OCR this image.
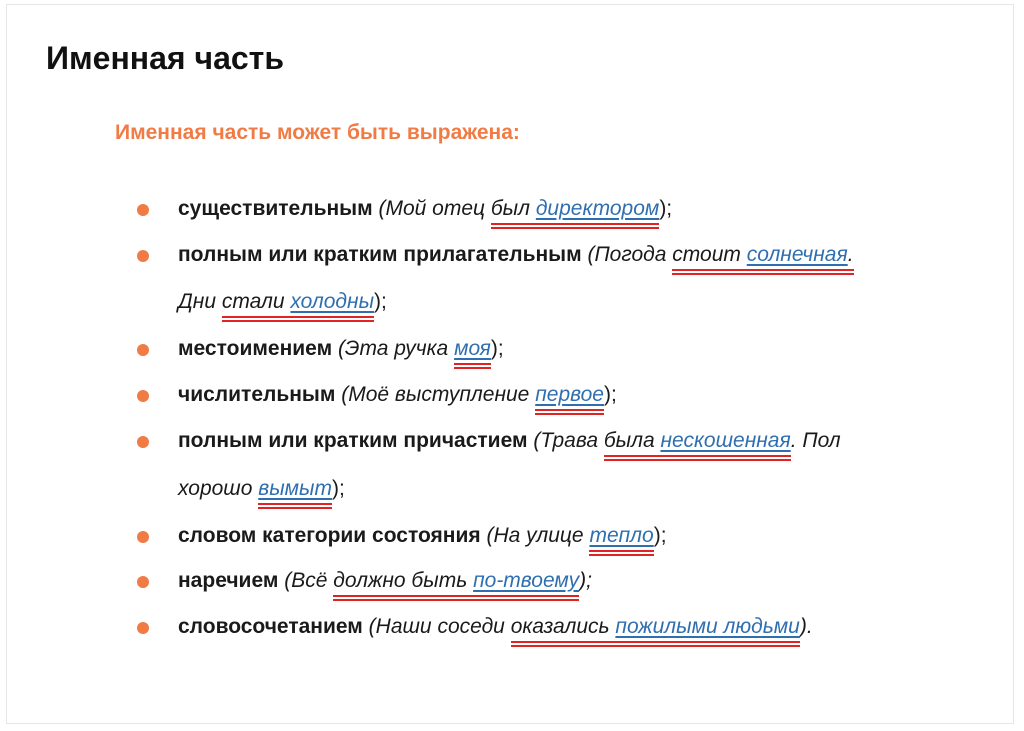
Именная часть
Именная часть может быть выражена:
существительным (Мой отец был директором);
полным или кратким прилагательным (Погода стоит солнечная.
Дни стали холодны);
местоимением (Эта ручка моя);
числительным (Моё выступление первое);
полным или кратким причастием (Трава была нескошенная. Пол
хорошо вымыт);
словом категории состояния (На улице тепло);
наречием (Всё должно быть по-твоему);
словосочетанием (Наши соседи оказались пожилыми людьми).
